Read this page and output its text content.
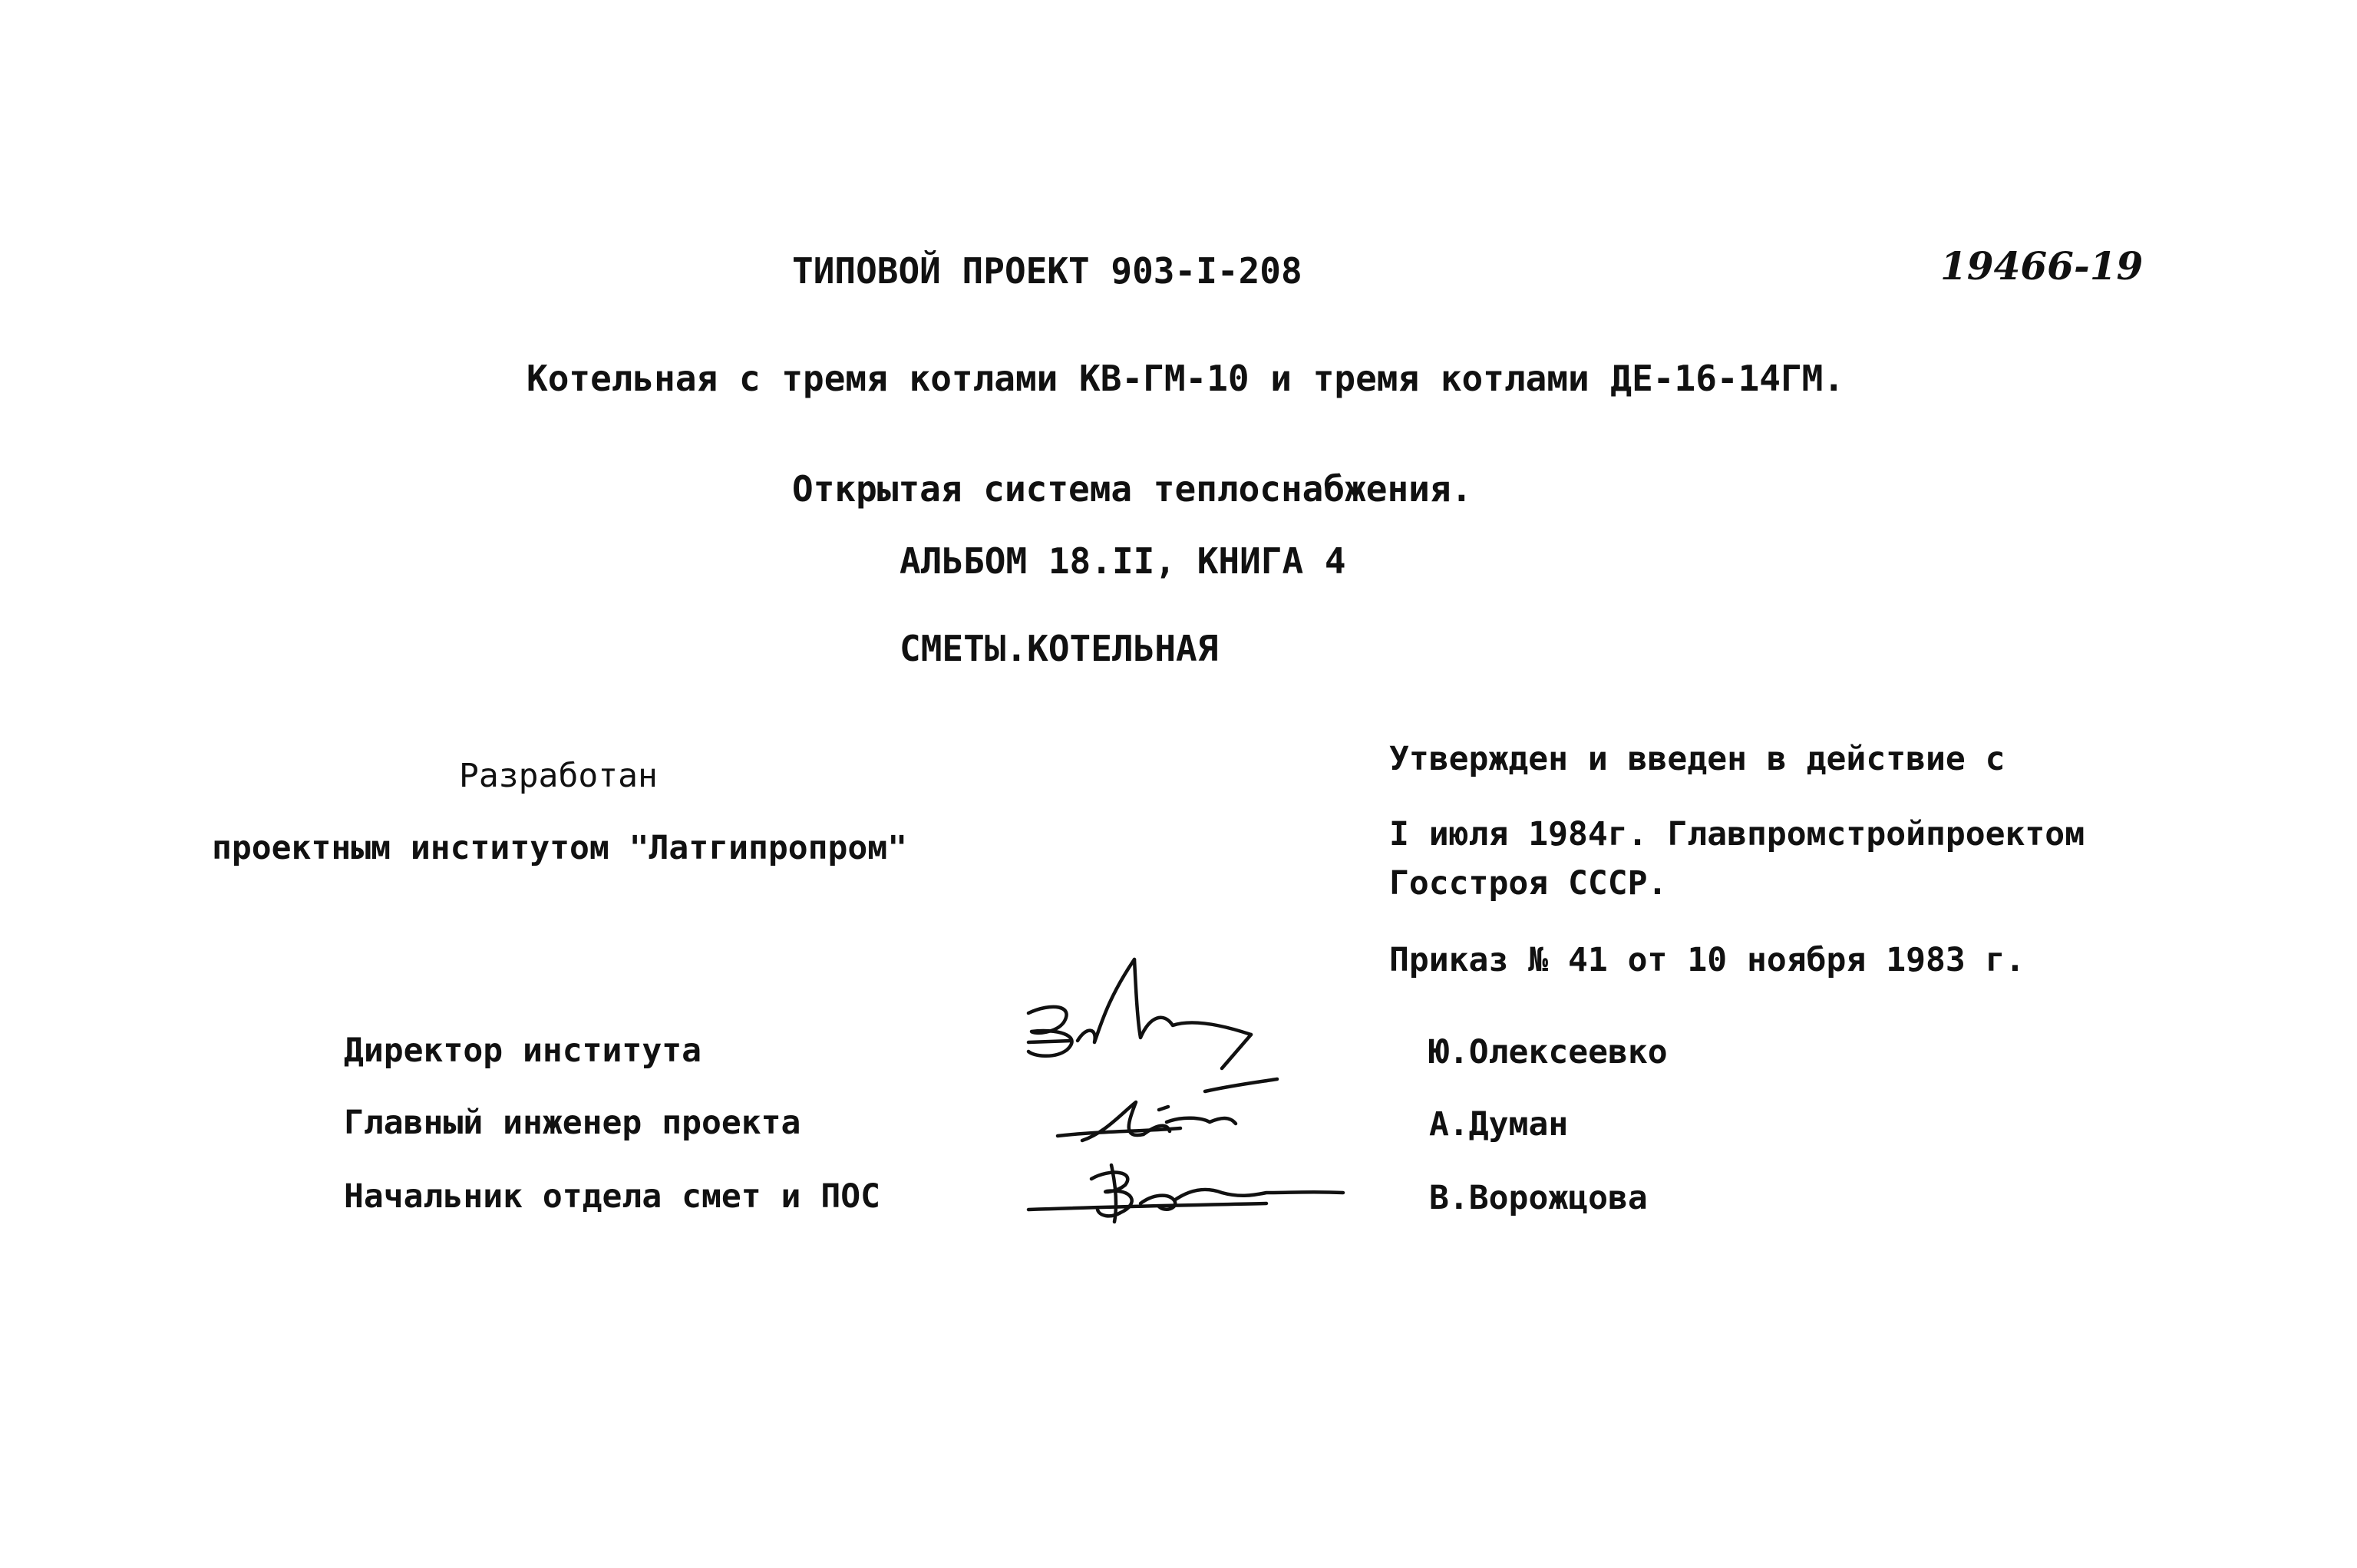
ТИПОВОЙ ПРОЕКТ 903-I-208	19466-19
Котельная с тремя котлами КВ-ГМ-10 и тремя котлами ДЕ-16-14ГМ.
Открытая система теплоснабжения.
АЛЬБОМ 18.II, КНИГА 4
СМЕТЫ.КОТЕЛЬНАЯ
Разработан
проектным институтом "Латгипропром"
Утвержден и введен в действие с
I июля 1984г. Главпромстройпроектом
Госстроя СССР.
Приказ № 41 от 10 ноября 1983 г.
Директор института
Главный инженер проекта
Начальник отдела смет и ПОС
Ю.Олексеевко
А.Думан
В.Ворожцова
